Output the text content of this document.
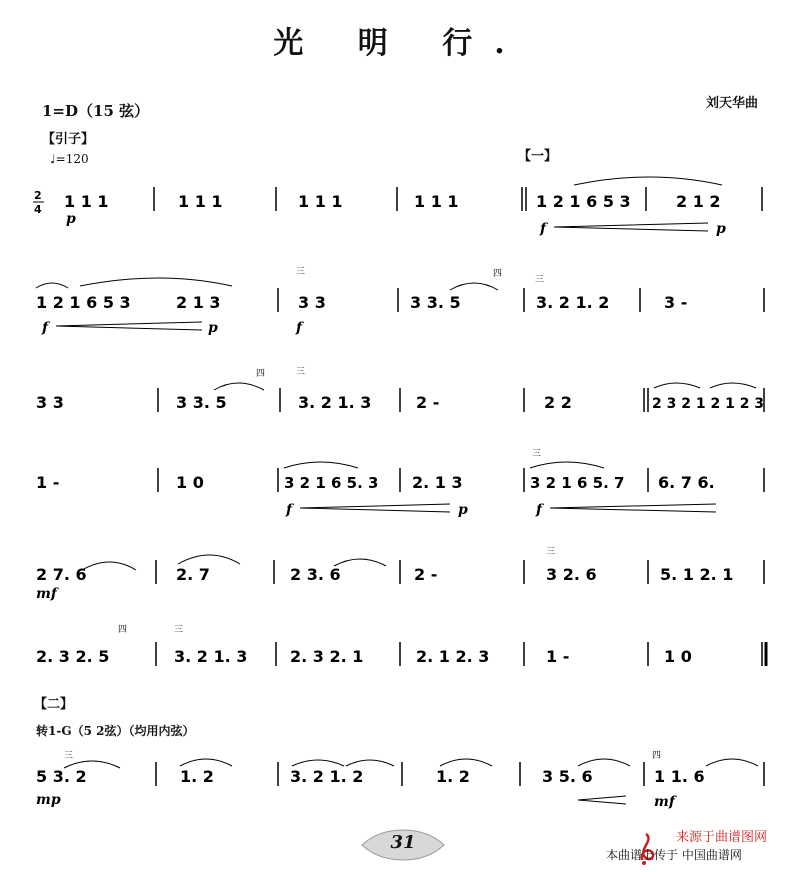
光 明 行.
刘天华曲
1=D（15 弦）
【引子】
♩=120	【一】
【二】
转1-G（5 2弦）（均用内弦）
2
4 1 1 1	1 1 1	1 1 1	1 1 1	1 2 1 6 5 3	2 1 2
p
f	p
1 2 1 6 5 3	2 1 3
三
3 3
四
3 3. 5
三
3. 2 1. 2	3 -
f	p	f
3 3
四
3 3. 5
三
3. 2 1. 3	2 -	2 2	2 3 2 1 2 1 2 3
1 -	1 0	3 2 1 6 5. 3 2. 1 3
三
3 2 1 6 5. 7 6. 7 6.
f	p	f
2 7. 6	2. 7	2 3. 6	2 -
三
3 2. 6	5. 1 2. 1
mf
四
2. 3 2. 5
三
3. 2 1. 3	2. 3 2. 1	2. 1 2. 3	1 -	1 0
三
5 3. 2	1. 2	3. 2 1. 2	1. 2	3 5. 6
四
1 1. 6
mp	mf
31	来源于曲谱图网
本曲谱上传于 中国曲谱网
